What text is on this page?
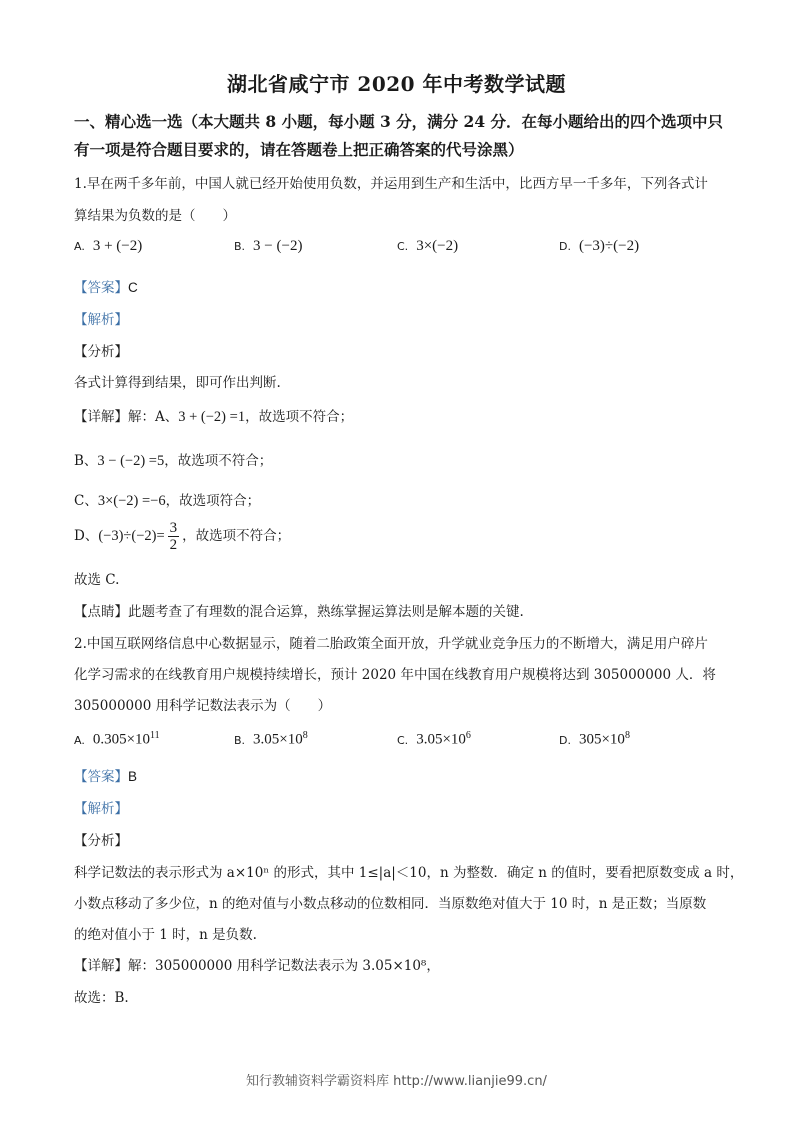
湖北省咸宁市 2020 年中考数学试题
一、精心选一选（本大题共 8 小题，每小题 3 分，满分 24 分．在每小题给出的四个选项中只
有一项是符合题目要求的，请在答题卷上把正确答案的代号涂黑）
1.早在两千多年前，中国人就已经开始使用负数，并运用到生产和生活中，比西方早一千多年，下列各式计
算结果为负数的是（　　）
A. 3 + (−2)	B. 3 − (−2)	C. 3×(−2)	D. (−3)÷(−2)
【答案】C
【解析】
【分析】
各式计算得到结果，即可作出判断.
【详解】解：A、3 + (−2) =1，故选项不符合；
B、3 − (−2) =5，故选项不符合；
C、3×(−2) =−6，故选项符合；
D、$(-3)\div(-2)= \frac{3}{2}$ ，故选项不符合；
故选 C.
【点睛】此题考查了有理数的混合运算，熟练掌握运算法则是解本题的关键.
2.中国互联网络信息中心数据显示，随着二胎政策全面开放，升学就业竞争压力的不断增大，满足用户碎片
化学习需求的在线教育用户规模持续增长，预计 2020 年中国在线教育用户规模将达到 305000000 人．将
305000000 用科学记数法表示为（　　）
A. $0.305\times 10^{11}$	B. $3.05\times 10^8$	C. $3.05\times 10^6$	D. $305\times 10^8$
【答案】B
【解析】
【分析】
科学记数法的表示形式为 a×10ⁿ 的形式，其中 1≤|a|＜10，n 为整数．确定 n 的值时，要看把原数变成 a 时，
小数点移动了多少位，n 的绝对值与小数点移动的位数相同．当原数绝对值大于 10 时，n 是正数；当原数
的绝对值小于 1 时，n 是负数.
【详解】解：305000000 用科学记数法表示为 3.05×10⁸，
故选：B.
知行教辅资料学霸资料库 http://www.lianjie99.cn/
